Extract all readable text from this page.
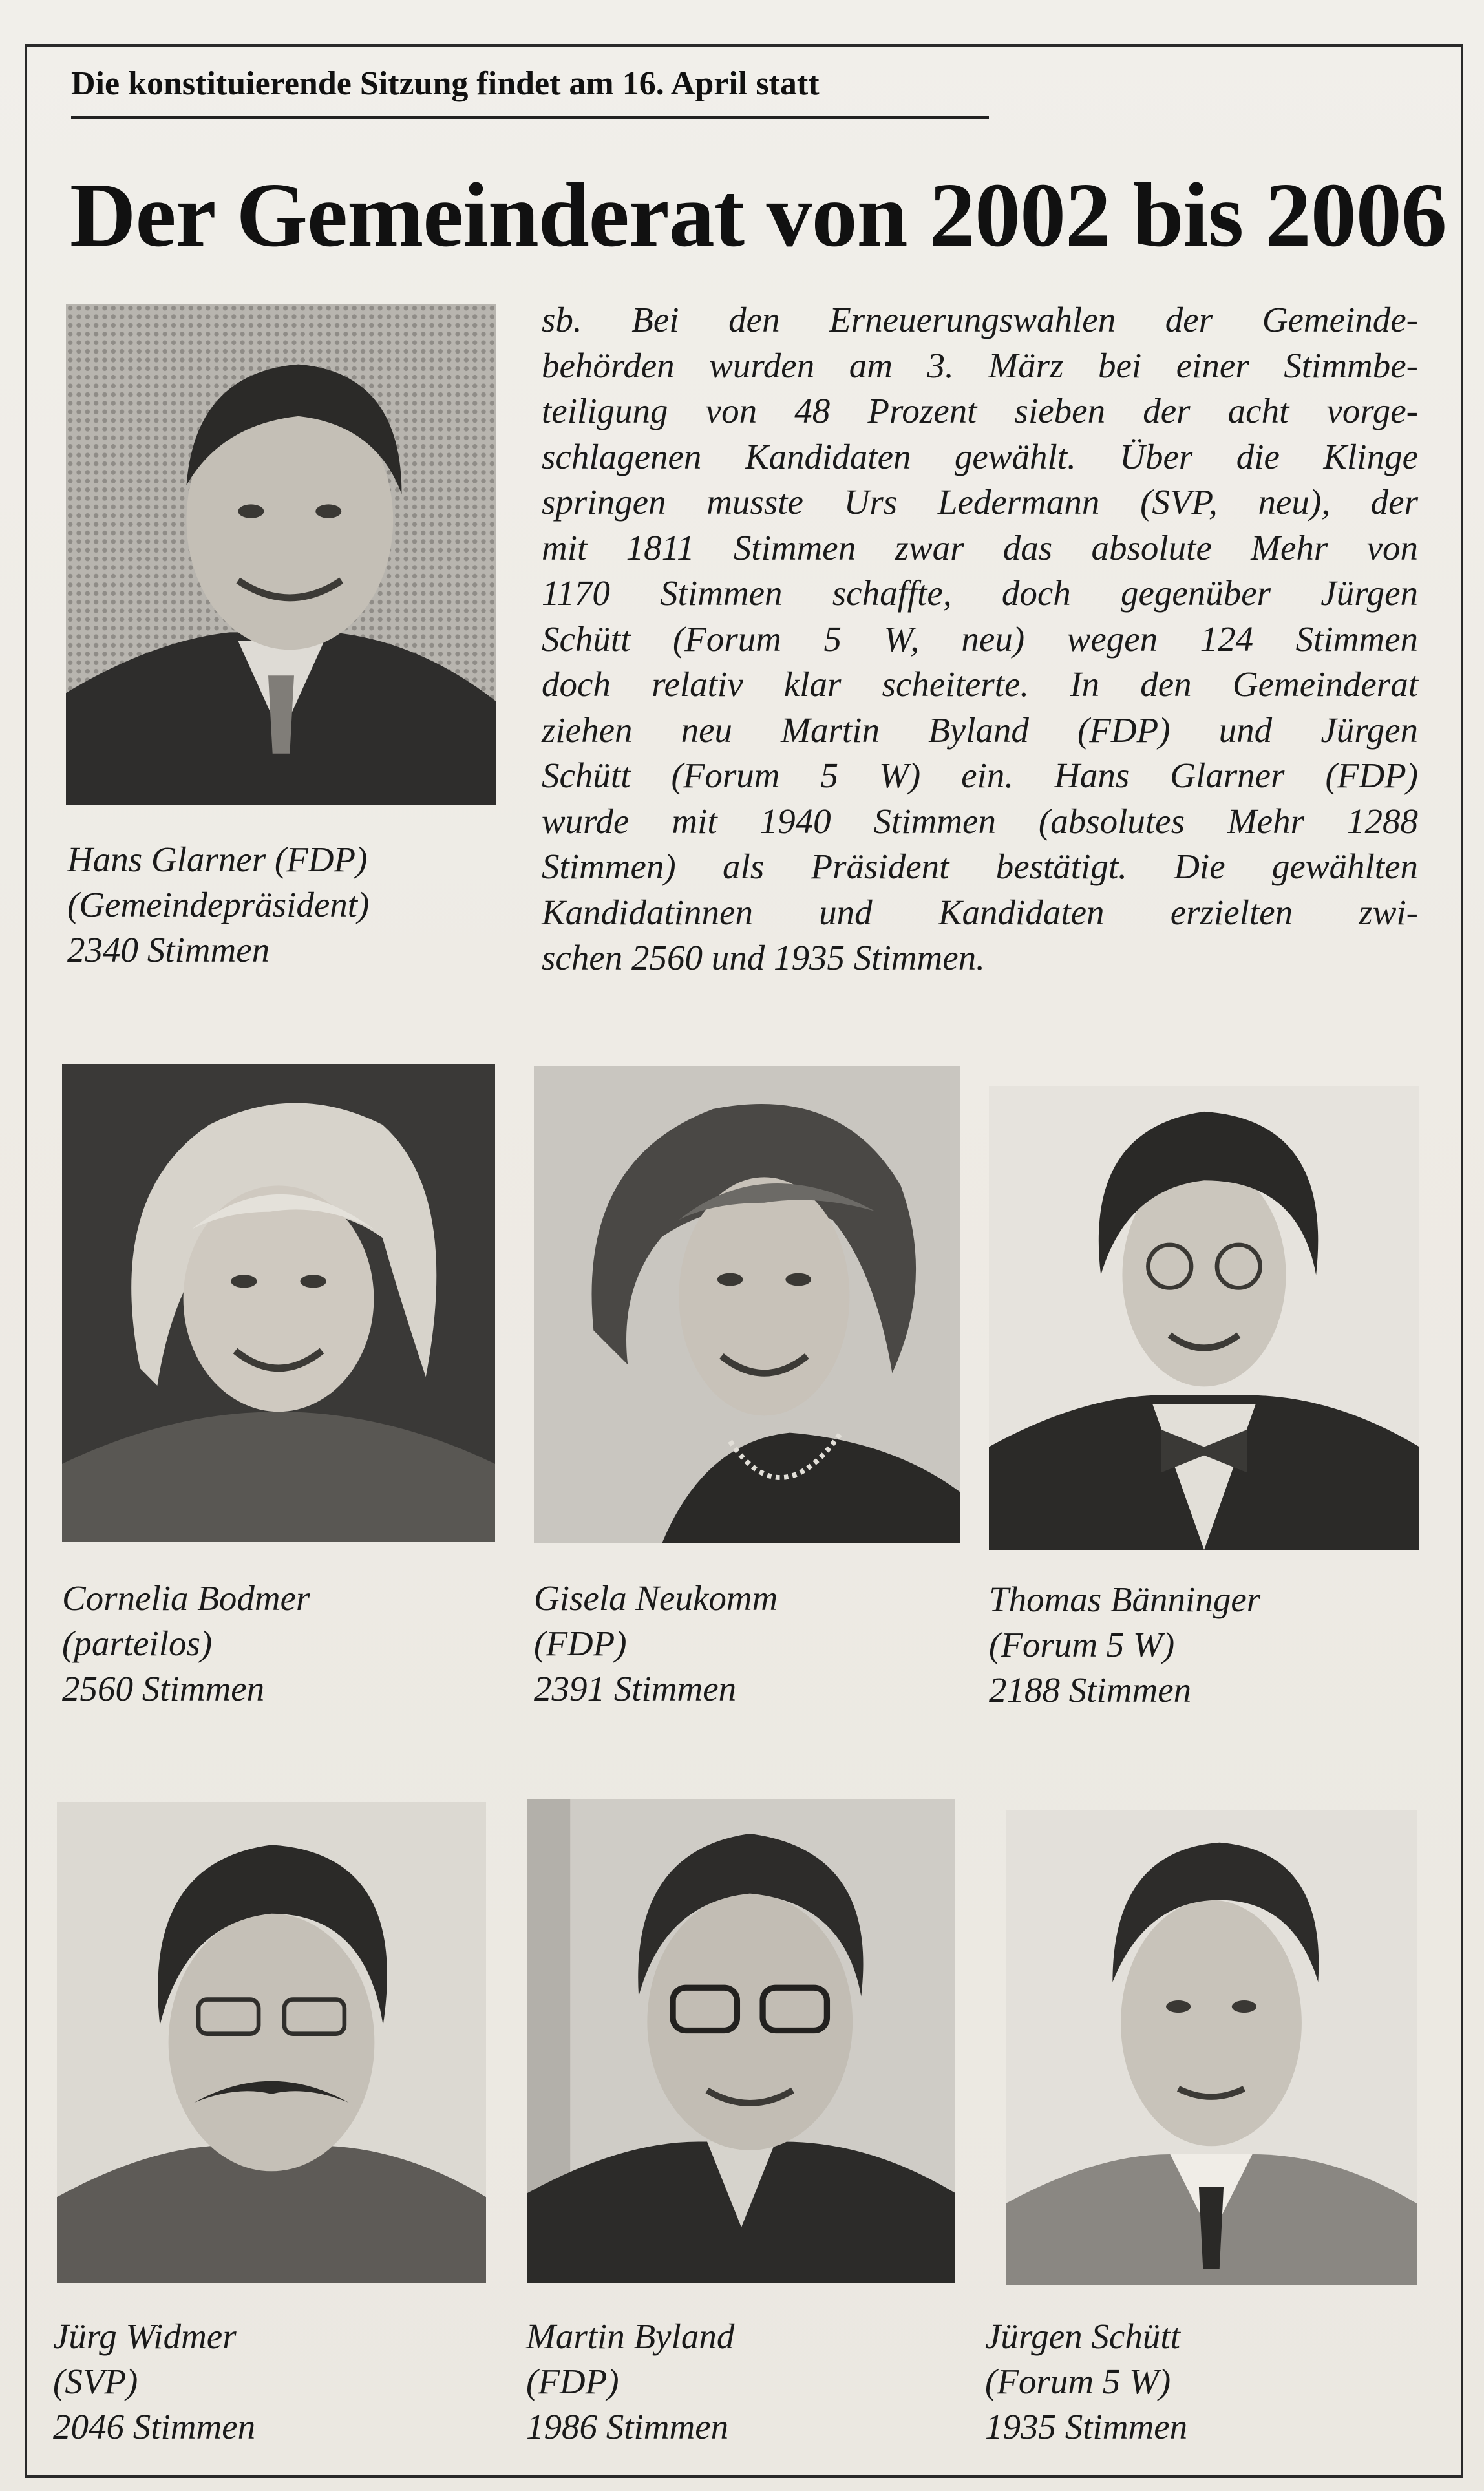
Die konstituierende Sitzung findet am 16. April statt
Der Gemeinderat von 2002 bis 2006
sb. Bei den Erneuerungswahlen der Gemeinde-
behörden wurden am 3. März bei einer Stimmbe-
teiligung von 48 Prozent sieben der acht vorge-
schlagenen Kandidaten gewählt. Über die Klinge
springen musste Urs Ledermann (SVP, neu), der
mit 1811 Stimmen zwar das absolute Mehr von
1170 Stimmen schaffte, doch gegenüber Jürgen
Schütt (Forum 5 W, neu) wegen 124 Stimmen
doch relativ klar scheiterte. In den Gemeinderat
ziehen neu Martin Byland (FDP) und Jürgen
Schütt (Forum 5 W) ein. Hans Glarner (FDP)
wurde mit 1940 Stimmen (absolutes Mehr 1288
Stimmen) als Präsident bestätigt. Die gewählten
Kandidatinnen und Kandidaten erzielten zwi-
schen 2560 und 1935 Stimmen.
Hans Glarner (FDP)
(Gemeindepräsident)
2340 Stimmen
Cornelia Bodmer
(parteilos)
2560 Stimmen
Gisela Neukomm
(FDP)
2391 Stimmen
Thomas Bänninger
(Forum 5 W)
2188 Stimmen
Jürg Widmer
(SVP)
2046 Stimmen
Martin Byland
(FDP)
1986 Stimmen
Jürgen Schütt
(Forum 5 W)
1935 Stimmen
